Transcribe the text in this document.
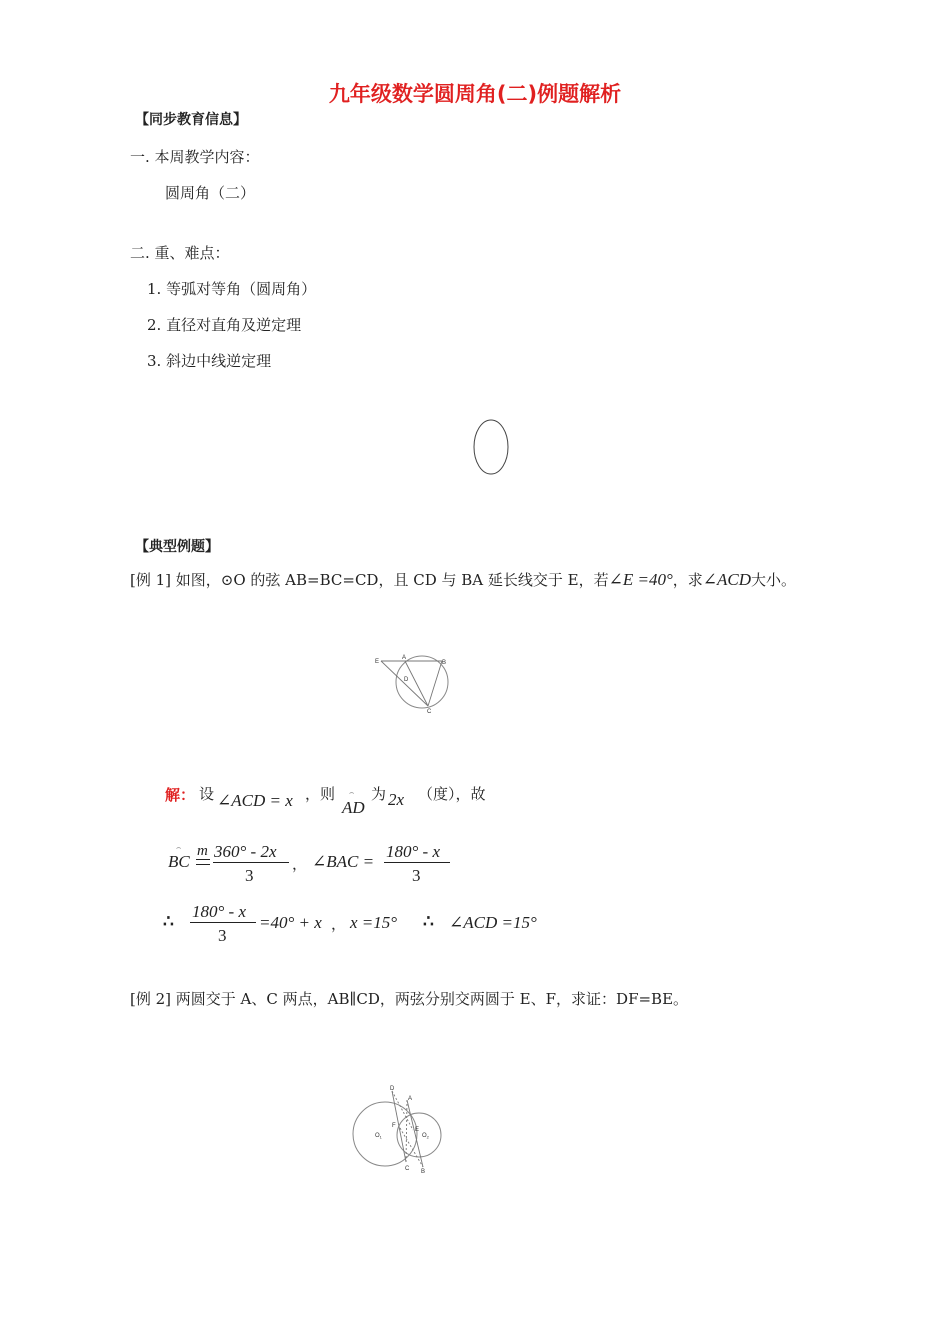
九年级数学圆周角(二)例题解析
【同步教育信息】
一. 本周教学内容：
圆周角（二）
二. 重、难点：
1. 等弧对等角（圆周角）
2. 直径对直角及逆定理
3. 斜边中线逆定理
【典型例题】
[例 1] 如图，⊙O 的弦 AB=BC=CD，且 CD 与 BA 延长线交于 E，若∠E =40°，求∠ACD大小。
E
A
B
D
C
解： 设 ∠ACD = x ，则 ⌢
AD
为 2x （度），故
⌢
BC
m 360° - 2x
3
， ∠BAC =
180° - x
3
∴
180° - x
3
=40° + x ， x =15° ∴ ∠ACD =15°
[例 2] 两圆交于 A、C 两点，AB∥CD，两弦分别交两圆于 E、F，求证：DF=BE。
D
A
F
E
$O_1$	$O_2$
C B
